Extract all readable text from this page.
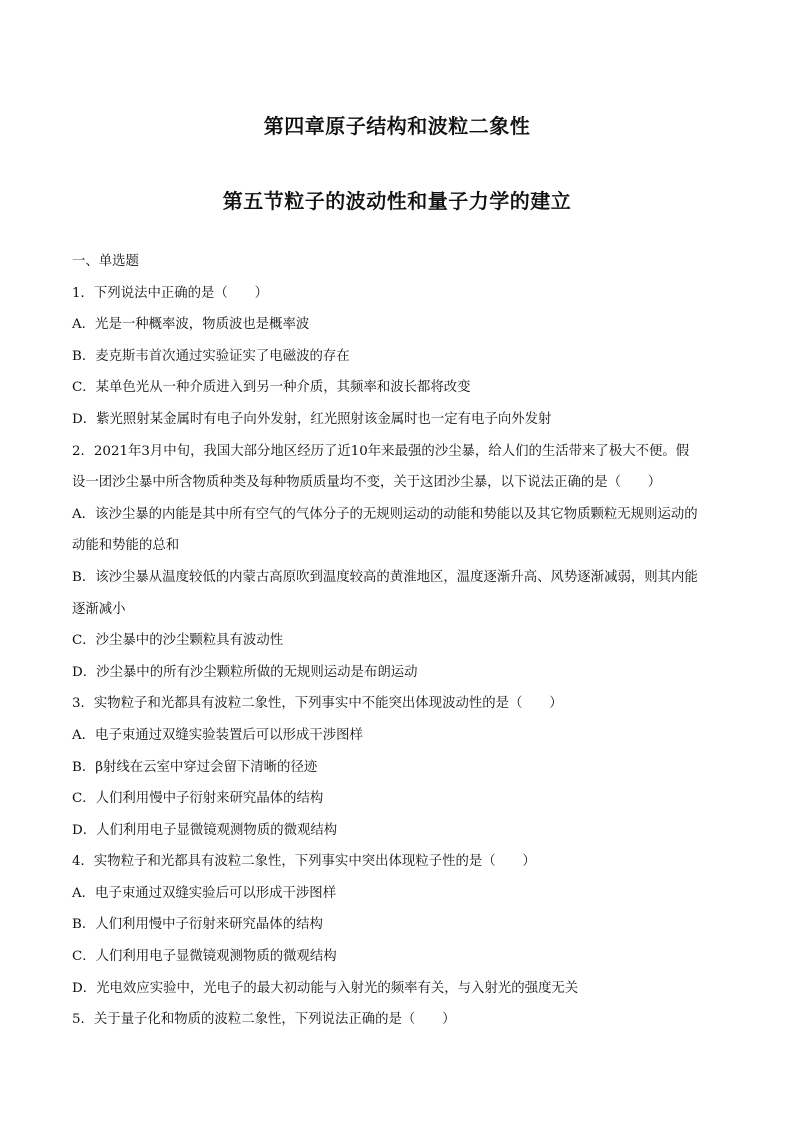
第四章原子结构和波粒二象性
第五节粒子的波动性和量子力学的建立
一、单选题
1．下列说法中正确的是（　　）
A．光是一种概率波，物质波也是概率波
B．麦克斯韦首次通过实验证实了电磁波的存在
C．某单色光从一种介质进入到另一种介质，其频率和波长都将改变
D．紫光照射某金属时有电子向外发射，红光照射该金属时也一定有电子向外发射
2．2021年3月中旬，我国大部分地区经历了近10年来最强的沙尘暴，给人们的生活带来了极大不便。假
设一团沙尘暴中所含物质种类及每种物质质量均不变，关于这团沙尘暴，以下说法正确的是（　　）
A．该沙尘暴的内能是其中所有空气的气体分子的无规则运动的动能和势能以及其它物质颗粒无规则运动的
动能和势能的总和
B．该沙尘暴从温度较低的内蒙古高原吹到温度较高的黄淮地区，温度逐渐升高、风势逐渐减弱，则其内能
逐渐减小
C．沙尘暴中的沙尘颗粒具有波动性
D．沙尘暴中的所有沙尘颗粒所做的无规则运动是布朗运动
3．实物粒子和光都具有波粒二象性，下列事实中不能突出体现波动性的是（　　）
A．电子束通过双缝实验装置后可以形成干涉图样
B．β射线在云室中穿过会留下清晰的径迹
C．人们利用慢中子衍射来研究晶体的结构
D．人们利用电子显微镜观测物质的微观结构
4．实物粒子和光都具有波粒二象性，下列事实中突出体现粒子性的是（　　）
A．电子束通过双缝实验后可以形成干涉图样
B．人们利用慢中子衍射来研究晶体的结构
C．人们利用电子显微镜观测物质的微观结构
D．光电效应实验中，光电子的最大初动能与入射光的频率有关，与入射光的强度无关
5．关于量子化和物质的波粒二象性，下列说法正确的是（　　）
